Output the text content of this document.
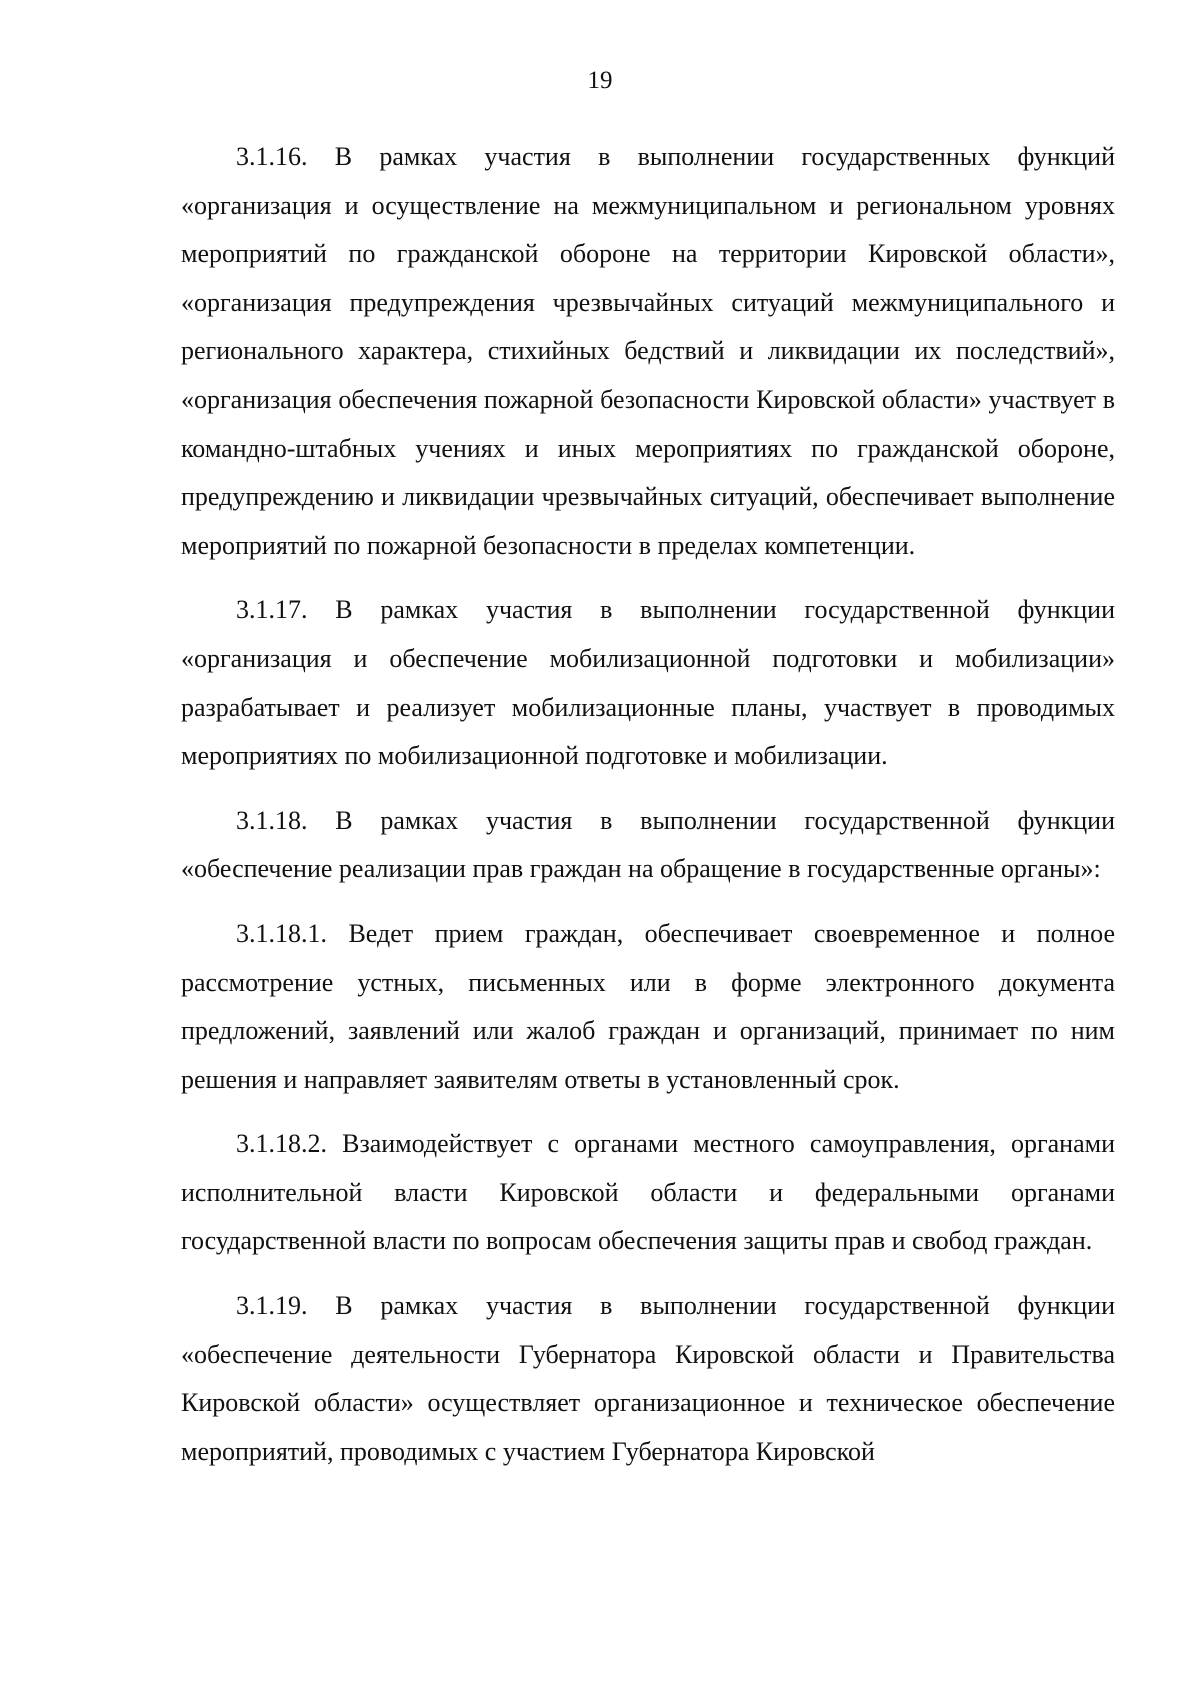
19

3.1.16. В рамках участия в выполнении государственных функций «организация и осуществление на межмуниципальном и региональном уровнях мероприятий по гражданской обороне на территории Кировской области», «организация предупреждения чрезвычайных ситуаций межмуниципального и регионального характера, стихийных бедствий и ликвидации их последствий», «организация обеспечения пожарной безопасности Кировской области» участвует в командно-штабных учениях и иных мероприятиях по гражданской обороне, предупреждению и ликвидации чрезвычайных ситуаций, обеспечивает выполнение мероприятий по пожарной безопасности в пределах компетенции.

3.1.17. В рамках участия в выполнении государственной функции «организация и обеспечение мобилизационной подготовки и мобилизации» разрабатывает и реализует мобилизационные планы, участвует в проводимых мероприятиях по мобилизационной подготовке и мобилизации.

3.1.18. В рамках участия в выполнении государственной функции «обеспечение реализации прав граждан на обращение в государственные органы»:

3.1.18.1. Ведет прием граждан, обеспечивает своевременное и полное рассмотрение устных, письменных или в форме электронного документа предложений, заявлений или жалоб граждан и организаций, принимает по ним решения и направляет заявителям ответы в установленный срок.

3.1.18.2. Взаимодействует с органами местного самоуправления, органами исполнительной власти Кировской области и федеральными органами государственной власти по вопросам обеспечения защиты прав и свобод граждан.

3.1.19. В рамках участия в выполнении государственной функции «обеспечение деятельности Губернатора Кировской области и Правительства Кировской области» осуществляет организационное и техническое обеспечение мероприятий, проводимых с участием Губернатора Кировской
